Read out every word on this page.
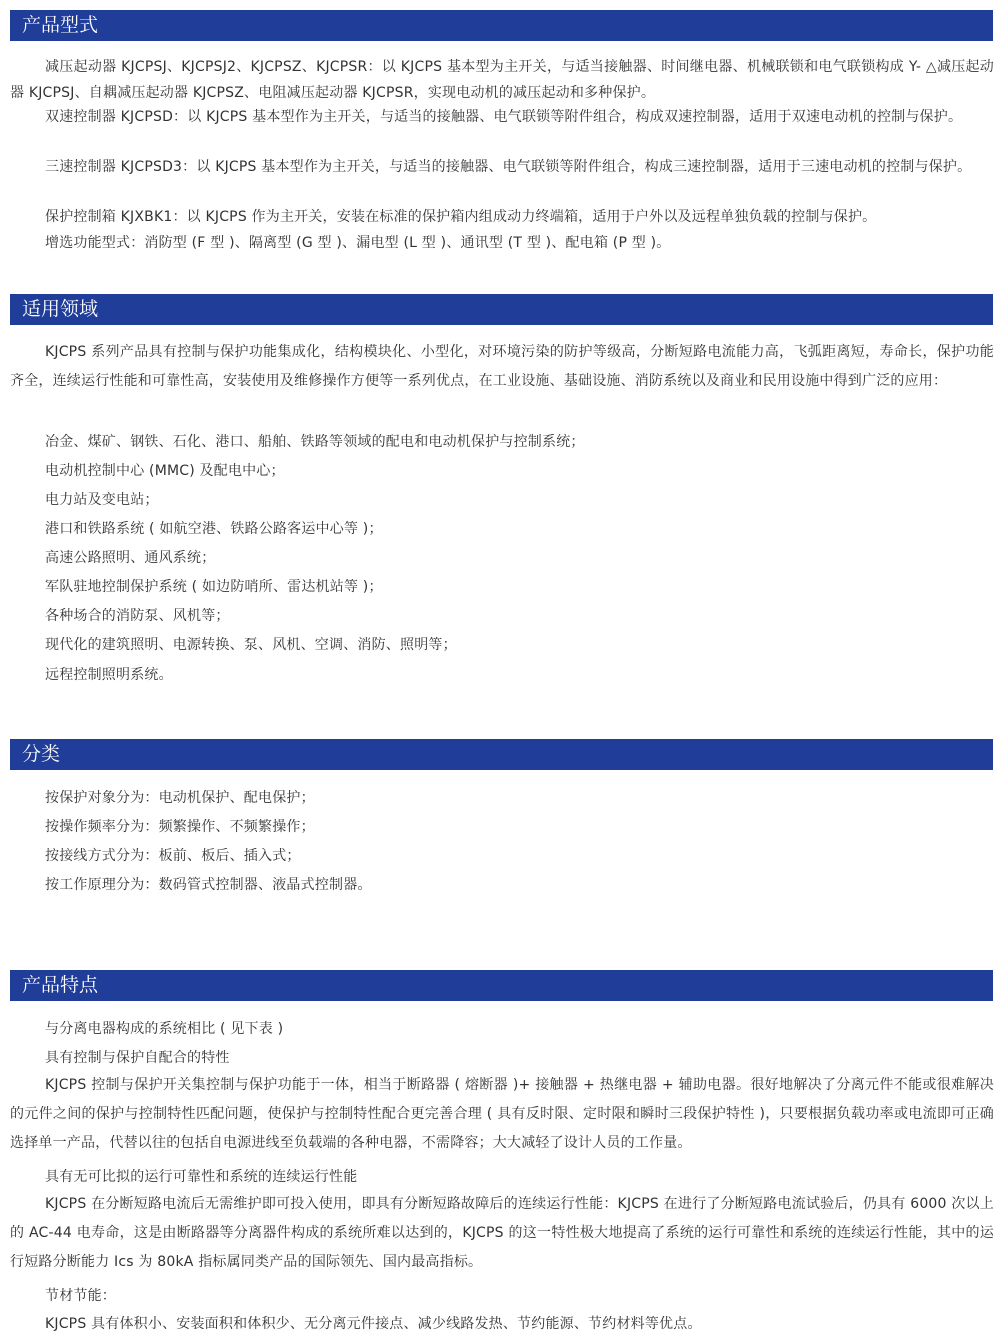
产品型式
减压起动器 KJCPSJ、KJCPSJ2、KJCPSZ、KJCPSR：以 KJCPS 基本型为主开关，与适当接触器、时间继电器、机械联锁和电气联锁构成 Y- △减压起动器 KJCPSJ、自耦减压起动器 KJCPSZ、电阻减压起动器 KJCPSR，实现电动机的减压起动和多种保护。
双速控制器 KJCPSD：以 KJCPS 基本型作为主开关，与适当的接触器、电气联锁等附件组合，构成双速控制器，适用于双速电动机的控制与保护。
三速控制器 KJCPSD3：以 KJCPS 基本型作为主开关，与适当的接触器、电气联锁等附件组合，构成三速控制器，适用于三速电动机的控制与保护。
保护控制箱 KJXBK1：以 KJCPS 作为主开关，安装在标准的保护箱内组成动力终端箱，适用于户外以及远程单独负载的控制与保护。
增选功能型式：消防型 (F 型 )、隔离型 (G 型 )、漏电型 (L 型 )、通讯型 (T 型 )、配电箱 (P 型 )。
适用领域
KJCPS 系列产品具有控制与保护功能集成化，结构模块化、小型化，对环境污染的防护等级高，分断短路电流能力高，飞弧距离短，寿命长，保护功能齐全，连续运行性能和可靠性高，安装使用及维修操作方便等一系列优点，在工业设施、基础设施、消防系统以及商业和民用设施中得到广泛的应用：
冶金、煤矿、钢铁、石化、港口、船舶、铁路等领域的配电和电动机保护与控制系统；
电动机控制中心 (MMC) 及配电中心；
电力站及变电站；
港口和铁路系统 ( 如航空港、铁路公路客运中心等 )；
高速公路照明、通风系统；
军队驻地控制保护系统 ( 如边防哨所、雷达机站等 )；
各种场合的消防泵、风机等；
现代化的建筑照明、电源转换、泵、风机、空调、消防、照明等；
远程控制照明系统。
分类
按保护对象分为：电动机保护、配电保护；
按操作频率分为：频繁操作、不频繁操作；
按接线方式分为：板前、板后、插入式；
按工作原理分为：数码管式控制器、液晶式控制器。
产品特点
与分离电器构成的系统相比 ( 见下表 )
具有控制与保护自配合的特性
KJCPS 控制与保护开关集控制与保护功能于一体，相当于断路器 ( 熔断器 )+ 接触器 + 热继电器 + 辅助电器。很好地解决了分离元件不能或很难解决的元件之间的保护与控制特性匹配问题，使保护与控制特性配合更完善合理 ( 具有反时限、定时限和瞬时三段保护特性 )，只要根据负载功率或电流即可正确选择单一产品，代替以往的包括自电源进线至负载端的各种电器，不需降容；大大减轻了设计人员的工作量。
具有无可比拟的运行可靠性和系统的连续运行性能
KJCPS 在分断短路电流后无需维护即可投入使用，即具有分断短路故障后的连续运行性能：KJCPS 在进行了分断短路电流试验后，仍具有 6000 次以上的 AC-44 电寿命，这是由断路器等分离器件构成的系统所难以达到的，KJCPS 的这一特性极大地提高了系统的运行可靠性和系统的连续运行性能，其中的运行短路分断能力 Ics 为 80kA 指标属同类产品的国际领先、国内最高指标。
节材节能：
KJCPS 具有体积小、安装面积和体积少、无分离元件接点、减少线路发热、节约能源、节约材料等优点。
